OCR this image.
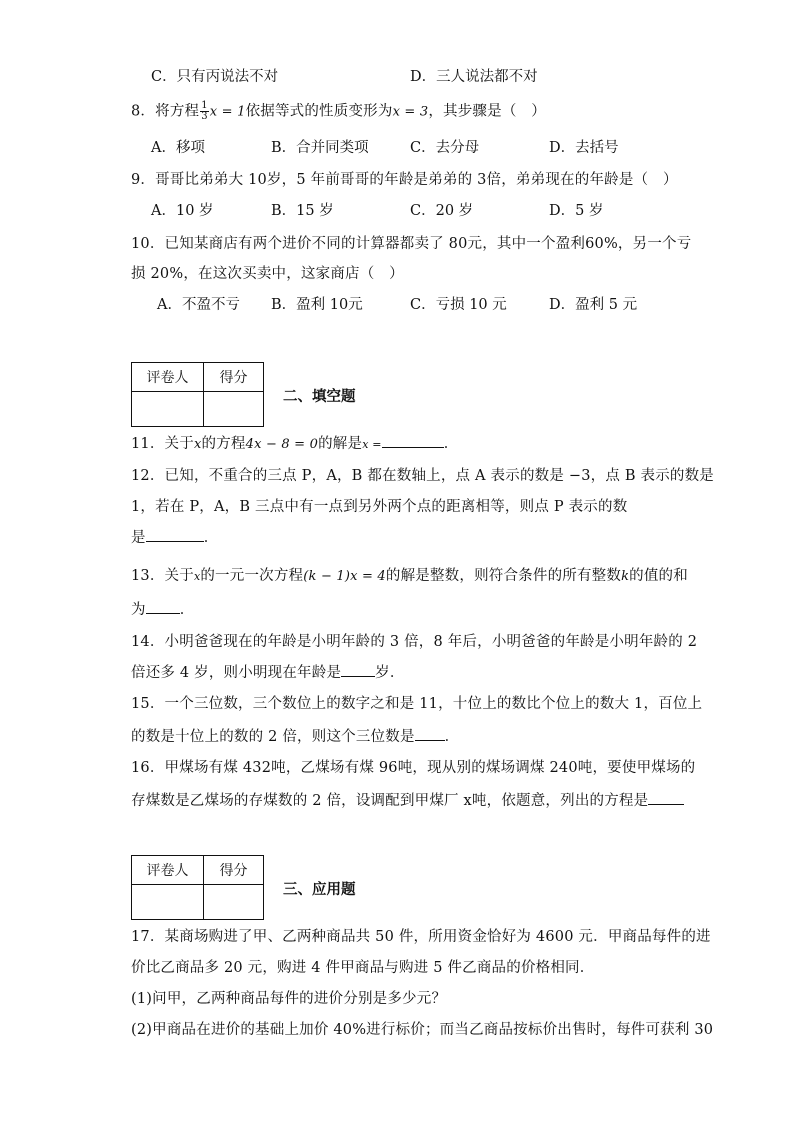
C．只有丙说法不对	D．三人说法都不对
8．将方程 $\frac{1}{3}$ x = 1依据等式的性质变形为x = 3，其步骤是（　）
A．移项	B．合并同类项	C．去分母	D．去括号
9．哥哥比弟弟大 10岁，5 年前哥哥的年龄是弟弟的 3倍，弟弟现在的年龄是（　）
A．10 岁	B．15 岁	C．20 岁	D．5 岁
10．已知某商店有两个进价不同的计算器都卖了 80元，其中一个盈利60%，另一个亏
损 20%，在这次买卖中，这家商店（　）
A．不盈不亏 B．盈利 10元	C．亏损 10 元	D．盈利 5 元
评卷人	得分

二、填空题
11．关于x的方程4x − 8 = 0的解是x =	．
12．已知，不重合的三点 P，A，B 都在数轴上，点 A 表示的数是 −3，点 B 表示的数是
1，若在 P，A，B 三点中有一点到另外两个点的距离相等，则点 P 表示的数
是	．
13．关于x的一元一次方程(k − 1)x = 4的解是整数，则符合条件的所有整数k的值的和
为 ．
14．小明爸爸现在的年龄是小明年龄的 3 倍，8 年后，小明爸爸的年龄是小明年龄的 2
倍还多 4 岁，则小明现在年龄是 岁．
15．一个三位数，三个数位上的数字之和是 11，十位上的数比个位上的数大 1，百位上
的数是十位上的数的 2 倍，则这个三位数是 ．
16．甲煤场有煤 432吨，乙煤场有煤 96吨，现从别的煤场调煤 240吨，要使甲煤场的
存煤数是乙煤场的存煤数的 2 倍，设调配到甲煤厂 x吨，依题意，列出的方程是
评卷人	得分

三、应用题
17．某商场购进了甲、乙两种商品共 50 件，所用资金恰好为 4600 元．甲商品每件的进
价比乙商品多 20 元，购进 4 件甲商品与购进 5 件乙商品的价格相同．
(1)问甲，乙两种商品每件的进价分别是多少元？
(2)甲商品在进价的基础上加价 40%进行标价；而当乙商品按标价出售时，每件可获利 30
